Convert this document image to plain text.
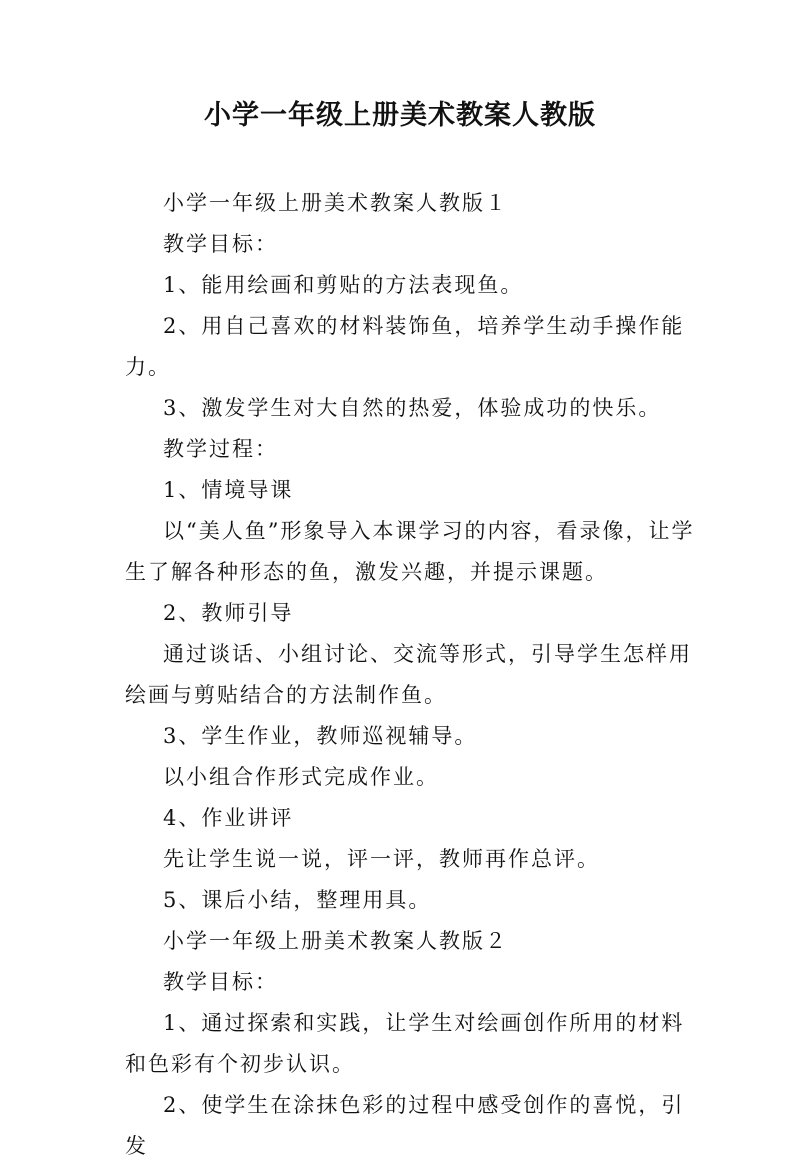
小学一年级上册美术教案人教版

小学一年级上册美术教案人教版１

教学目标：

1、能用绘画和剪贴的方法表现鱼。

2、用自己喜欢的材料装饰鱼，培养学生动手操作能力。

3、激发学生对大自然的热爱，体验成功的快乐。

教学过程：

1、情境导课

以“美人鱼”形象导入本课学习的内容，看录像，让学生了解各种形态的鱼，激发兴趣，并提示课题。

2、教师引导

通过谈话、小组讨论、交流等形式，引导学生怎样用绘画与剪贴结合的方法制作鱼。

3、学生作业，教师巡视辅导。

以小组合作形式完成作业。

4、作业讲评

先让学生说一说，评一评，教师再作总评。

5、课后小结，整理用具。

小学一年级上册美术教案人教版２

教学目标：

1、通过探索和实践，让学生对绘画创作所用的材料和色彩有个初步认识。

2、使学生在涂抹色彩的过程中感受创作的喜悦，引发
